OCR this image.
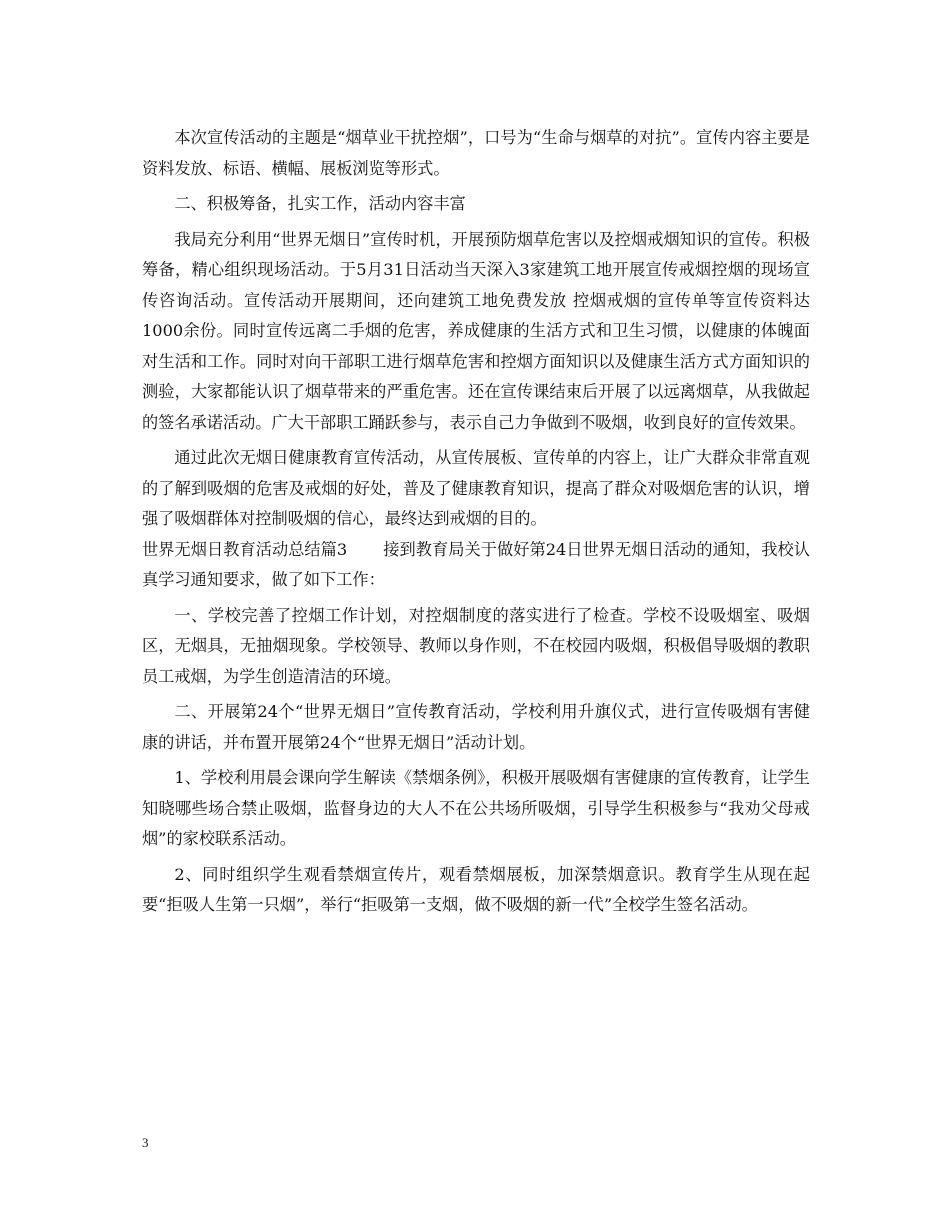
本次宣传活动的主题是“烟草业干扰控烟”，口号为“生命与烟草的对抗”。宣传内容主要是资料发放、标语、横幅、展板浏览等形式。

二、积极筹备，扎实工作，活动内容丰富

我局充分利用“世界无烟日”宣传时机，开展预防烟草危害以及控烟戒烟知识的宣传。积极筹备，精心组织现场活动。于5月31日活动当天深入3家建筑工地开展宣传戒烟控烟的现场宣传咨询活动。宣传活动开展期间，还向建筑工地免费发放 控烟戒烟的宣传单等宣传资料达1000余份。同时宣传远离二手烟的危害，养成健康的生活方式和卫生习惯，以健康的体魄面对生活和工作。同时对向干部职工进行烟草危害和控烟方面知识以及健康生活方式方面知识的测验，大家都能认识了烟草带来的严重危害。还在宣传课结束后开展了以远离烟草，从我做起的签名承诺活动。广大干部职工踊跃参与，表示自己力争做到不吸烟，收到良好的宣传效果。

通过此次无烟日健康教育宣传活动，从宣传展板、宣传单的内容上，让广大群众非常直观的了解到吸烟的危害及戒烟的好处，普及了健康教育知识，提高了群众对吸烟危害的认识，增强了吸烟群体对控制吸烟的信心，最终达到戒烟的目的。

世界无烟日教育活动总结篇3 接到教育局关于做好第24日世界无烟日活动的通知，我校认真学习通知要求，做了如下工作：

一、学校完善了控烟工作计划，对控烟制度的落实进行了检查。学校不设吸烟室、吸烟区，无烟具，无抽烟现象。学校领导、教师以身作则，不在校园内吸烟，积极倡导吸烟的教职员工戒烟，为学生创造清洁的环境。

二、开展第24个“世界无烟日”宣传教育活动，学校利用升旗仪式，进行宣传吸烟有害健康的讲话，并布置开展第24个“世界无烟日”活动计划。

1、学校利用晨会课向学生解读《禁烟条例》，积极开展吸烟有害健康的宣传教育，让学生知晓哪些场合禁止吸烟，监督身边的大人不在公共场所吸烟，引导学生积极参与“我劝父母戒烟”的家校联系活动。

2、同时组织学生观看禁烟宣传片，观看禁烟展板，加深禁烟意识。教育学生从现在起要“拒吸人生第一只烟”，举行“拒吸第一支烟，做不吸烟的新一代”全校学生签名活动。

3
